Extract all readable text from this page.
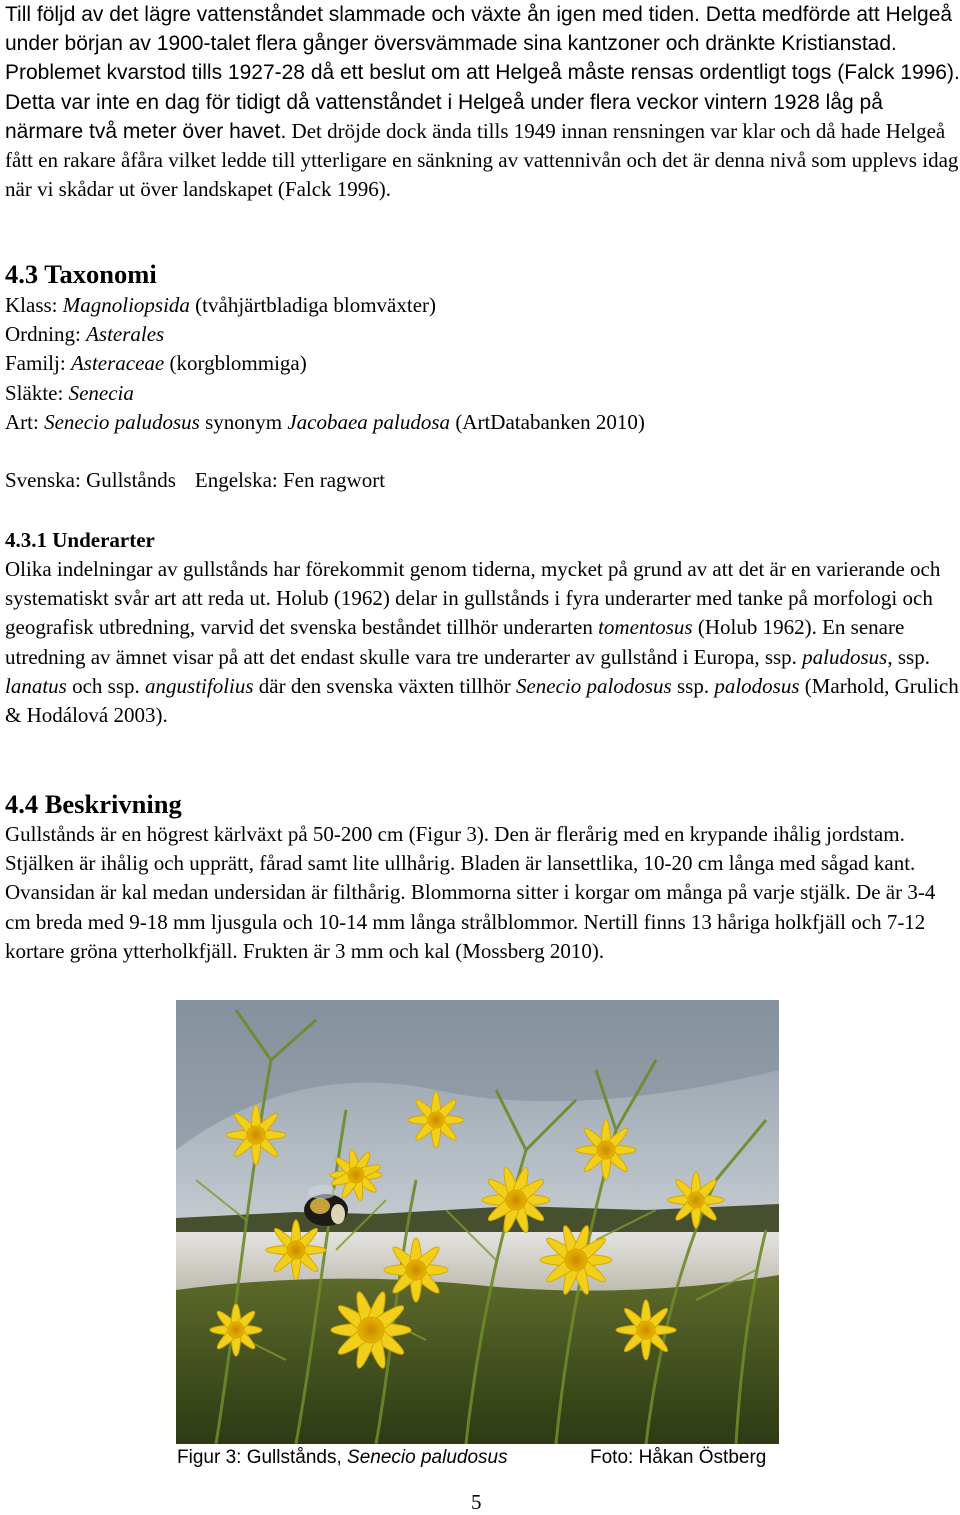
Till följd av det lägre vattenståndet slammade och växte ån igen med tiden. Detta medförde att Helgeå under början av 1900-talet flera gånger översvämmade sina kantzoner och dränkte Kristianstad. Problemet kvarstod tills 1927-28 då ett beslut om att Helgeå måste rensas ordentligt togs (Falck 1996). Detta var inte en dag för tidigt då vattenståndet i Helgeå under flera veckor vintern 1928 låg på närmare två meter över havet. Det dröjde dock ända tills 1949 innan rensningen var klar och då hade Helgeå fått en rakare åfåra vilket ledde till ytterligare en sänkning av vattennivån och det är denna nivå som upplevs idag när vi skådar ut över landskapet (Falck 1996).

4.3 Taxonomi
Klass: Magnoliopsida (tvåhjärtbladiga blomväxter)
Ordning: Asterales
Familj: Asteraceae (korgblommiga)
Släkte: Senecia
Art: Senecio paludosus synonym Jacobaea paludosa (ArtDatabanken 2010)
Svenska: Gullstånds Engelska: Fen ragwort
4.3.1 Underarter

Olika indelningar av gullstånds har förekommit genom tiderna, mycket på grund av att det är en varierande och systematiskt svår art att reda ut. Holub (1962) delar in gullstånds i fyra underarter med tanke på morfologi och geografisk utbredning, varvid det svenska beståndet tillhör underarten tomentosus (Holub 1962). En senare utredning av ämnet visar på att det endast skulle vara tre underarter av gullstånd i Europa, ssp. paludosus, ssp. lanatus och ssp. angustifolius där den svenska växten tillhör Senecio palodosus ssp. palodosus (Marhold, Grulich & Hodálová 2003).

4.4 Beskrivning

Gullstånds är en högrest kärlväxt på 50-200 cm (Figur 3). Den är flerårig med en krypande ihålig jordstam. Stjälken är ihålig och upprätt, fårad samt lite ullhårig. Bladen är lansettlika, 10-20 cm långa med sågad kant. Ovansidan är kal medan undersidan är filthårig. Blommorna sitter i korgar om många på varje stjälk. De är 3-4 cm breda med 9-18 mm ljusgula och 10-14 mm långa strålblommor. Nertill finns 13 håriga holkfjäll och 7-12 kortare gröna ytterholkfjäll. Frukten är 3 mm och kal (Mossberg 2010).

Figur 3: Gullstånds, Senecio paludosus	Foto: Håkan Östberg
5
